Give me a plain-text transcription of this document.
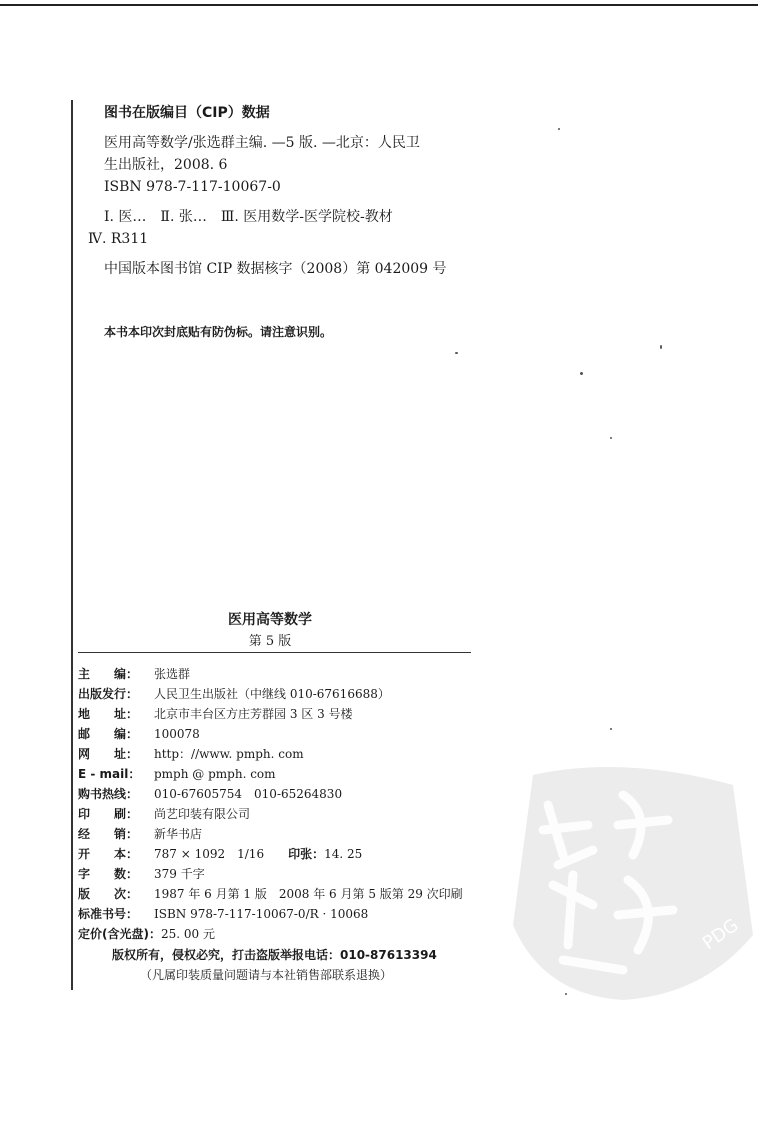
图书在版编目（CIP）数据

医用高等数学/张选群主编. —5 版. —北京：人民卫

生出版社，2008. 6

ISBN 978-7-117-10067-0

Ⅰ. 医…　Ⅱ. 张…　Ⅲ. 医用数学-医学院校-教材

Ⅳ. R311

中国版本图书馆 CIP 数据核字（2008）第 042009 号

本书本印次封底贴有防伪标。请注意识别。
医用高等数学
第 5 版
主　　编：	张选群
出版发行：	人民卫生出版社（中继线 010-67616688）
地　　址：	北京市丰台区方庄芳群园 3 区 3 号楼
邮　　编：	100078
网　　址：	http：//www. pmph. com
E - mail：	pmph @ pmph. com
购书热线：	010-67605754　010-65264830
印　　刷：	尚艺印装有限公司
经　　销：	新华书店
开　　本：	787 × 1092　1/16 印张：14. 25
字　　数：	379 千字
版　　次：	1987 年 6 月第 1 版　2008 年 6 月第 5 版第 29 次印刷
标准书号：	ISBN 978-7-117-10067-0/R · 10068
定价(含光盘)： 25. 00 元
版权所有，侵权必究，打击盗版举报电话：010-87613394
（凡属印装质量问题请与本社销售部联系退换）
PDG
